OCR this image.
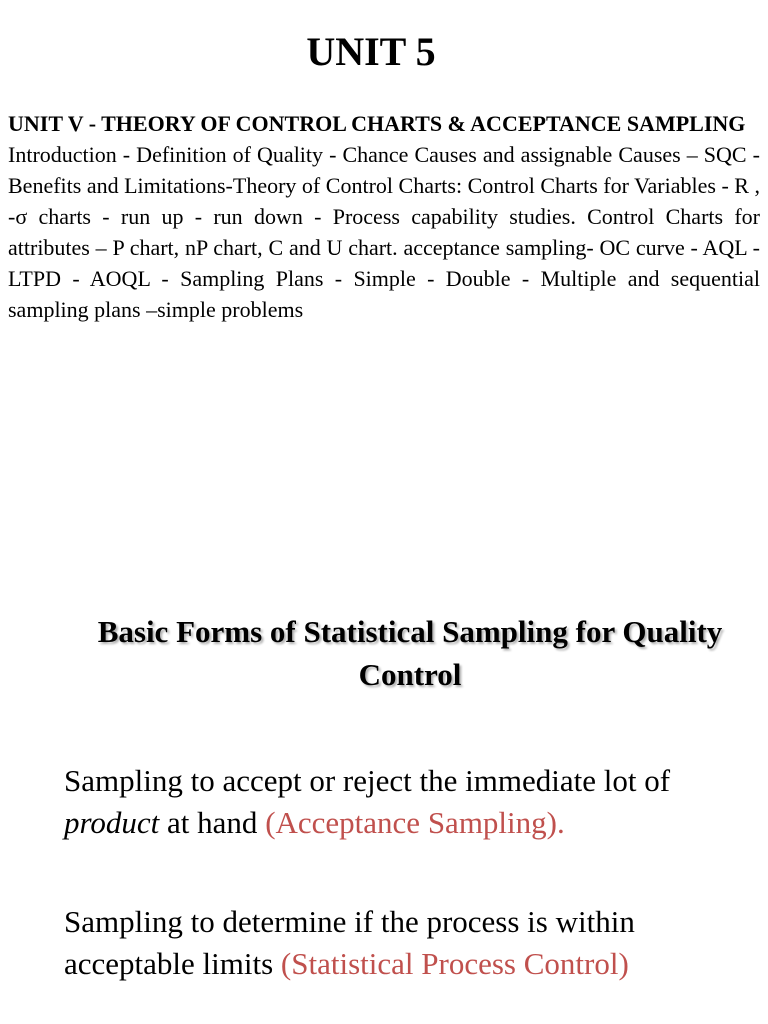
UNIT 5
UNIT V - THEORY OF CONTROL CHARTS & ACCEPTANCE SAMPLING
Introduction - Definition of Quality - Chance Causes and assignable Causes – SQC -Benefits and Limitations-Theory of Control Charts: Control Charts for Variables - R , -σ charts - run up - run down - Process capability studies. Control Charts for attributes – P chart, nP chart, C and U chart. acceptance sampling- OC curve - AQL - LTPD - AOQL - Sampling Plans - Simple - Double - Multiple and sequential sampling plans –simple problems
Basic Forms of Statistical Sampling for Quality Control

Sampling to accept or reject the immediate lot of product at hand (Acceptance Sampling).

Sampling to determine if the process is within acceptable limits (Statistical Process Control)
